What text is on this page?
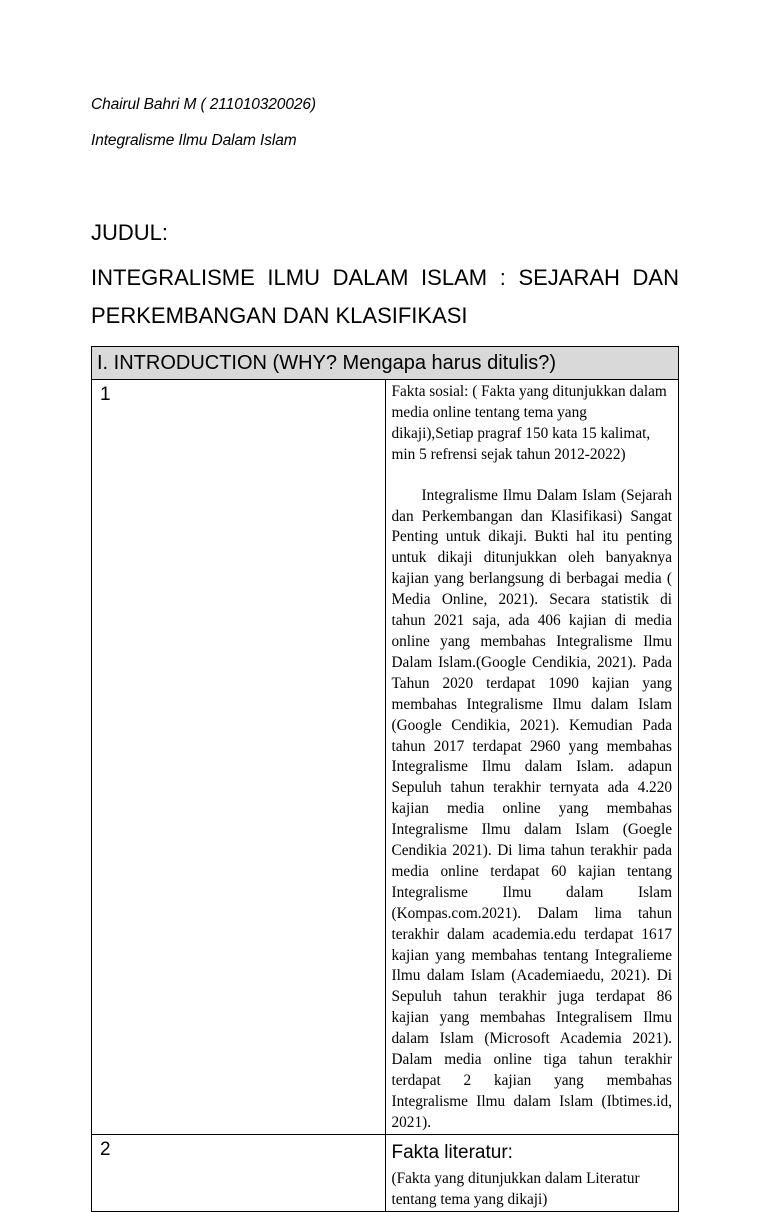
Chairul Bahri M ( 211010320026)
Integralisme Ilmu Dalam Islam
JUDUL:
INTEGRALISME ILMU DALAM ISLAM : SEJARAH DAN PERKEMBANGAN DAN KLASIFIKASI
I. INTRODUCTION (WHY? Mengapa harus ditulis?)	
1	Fakta sosial: ( Fakta yang ditunjukkan dalam media online tentang tema yang dikaji),Setiap pragraf 150 kata 15 kalimat, min 5 refrensi sejak tahun 2012-2022)

Integralisme Ilmu Dalam Islam (Sejarah dan Perkembangan dan Klasifikasi) Sangat Penting untuk dikaji. Bukti hal itu penting untuk dikaji ditunjukkan oleh banyaknya kajian yang berlangsung di berbagai media ( Media Online, 2021). Secara statistik di tahun 2021 saja, ada 406 kajian di media online yang membahas Integralisme Ilmu Dalam Islam.(Google Cendikia, 2021). Pada Tahun 2020 terdapat 1090 kajian yang membahas Integralisme Ilmu dalam Islam (Google Cendikia, 2021). Kemudian Pada tahun 2017 terdapat 2960 yang membahas Integralisme Ilmu dalam Islam. adapun Sepuluh tahun terakhir ternyata ada 4.220 kajian media online yang membahas Integralisme Ilmu dalam Islam (Goegle Cendikia 2021). Di lima tahun terakhir pada media online terdapat 60 kajian tentang Integralisme Ilmu dalam Islam (Kompas.com.2021). Dalam lima tahun terakhir dalam academia.edu terdapat 1617 kajian yang membahas tentang Integralieme Ilmu dalam Islam (Academiaedu, 2021). Di Sepuluh tahun terakhir juga terdapat 86 kajian yang membahas Integralisem Ilmu dalam Islam (Microsoft Academia 2021). Dalam media online tiga tahun terakhir terdapat 2 kajian yang membahas Integralisme Ilmu dalam Islam (Ibtimes.id, 2021).

2	Fakta literatur:

(Fakta yang ditunjukkan dalam Literatur tentang tema yang dikaji)
